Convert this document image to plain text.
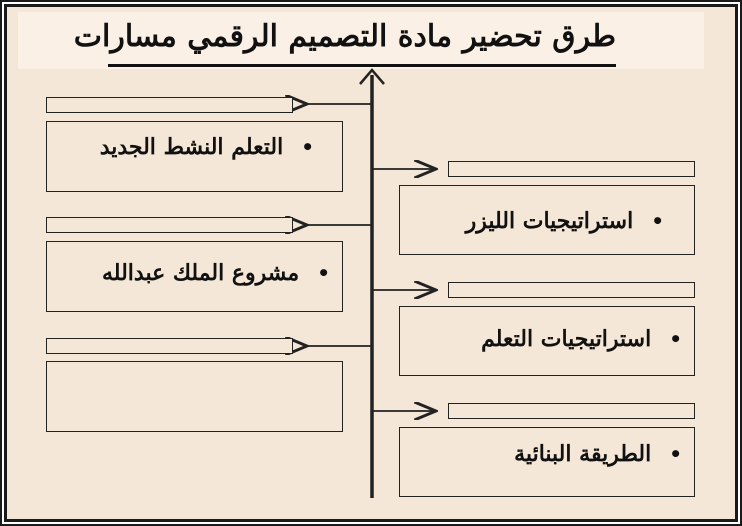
طرق تحضير مادة التصميم الرقمي مسارات
•
التعلم النشط الجديد
•
مشروع الملك عبدالله
•
استراتيجيات الليزر
•
استراتيجيات التعلم
•
الطريقة البنائية
